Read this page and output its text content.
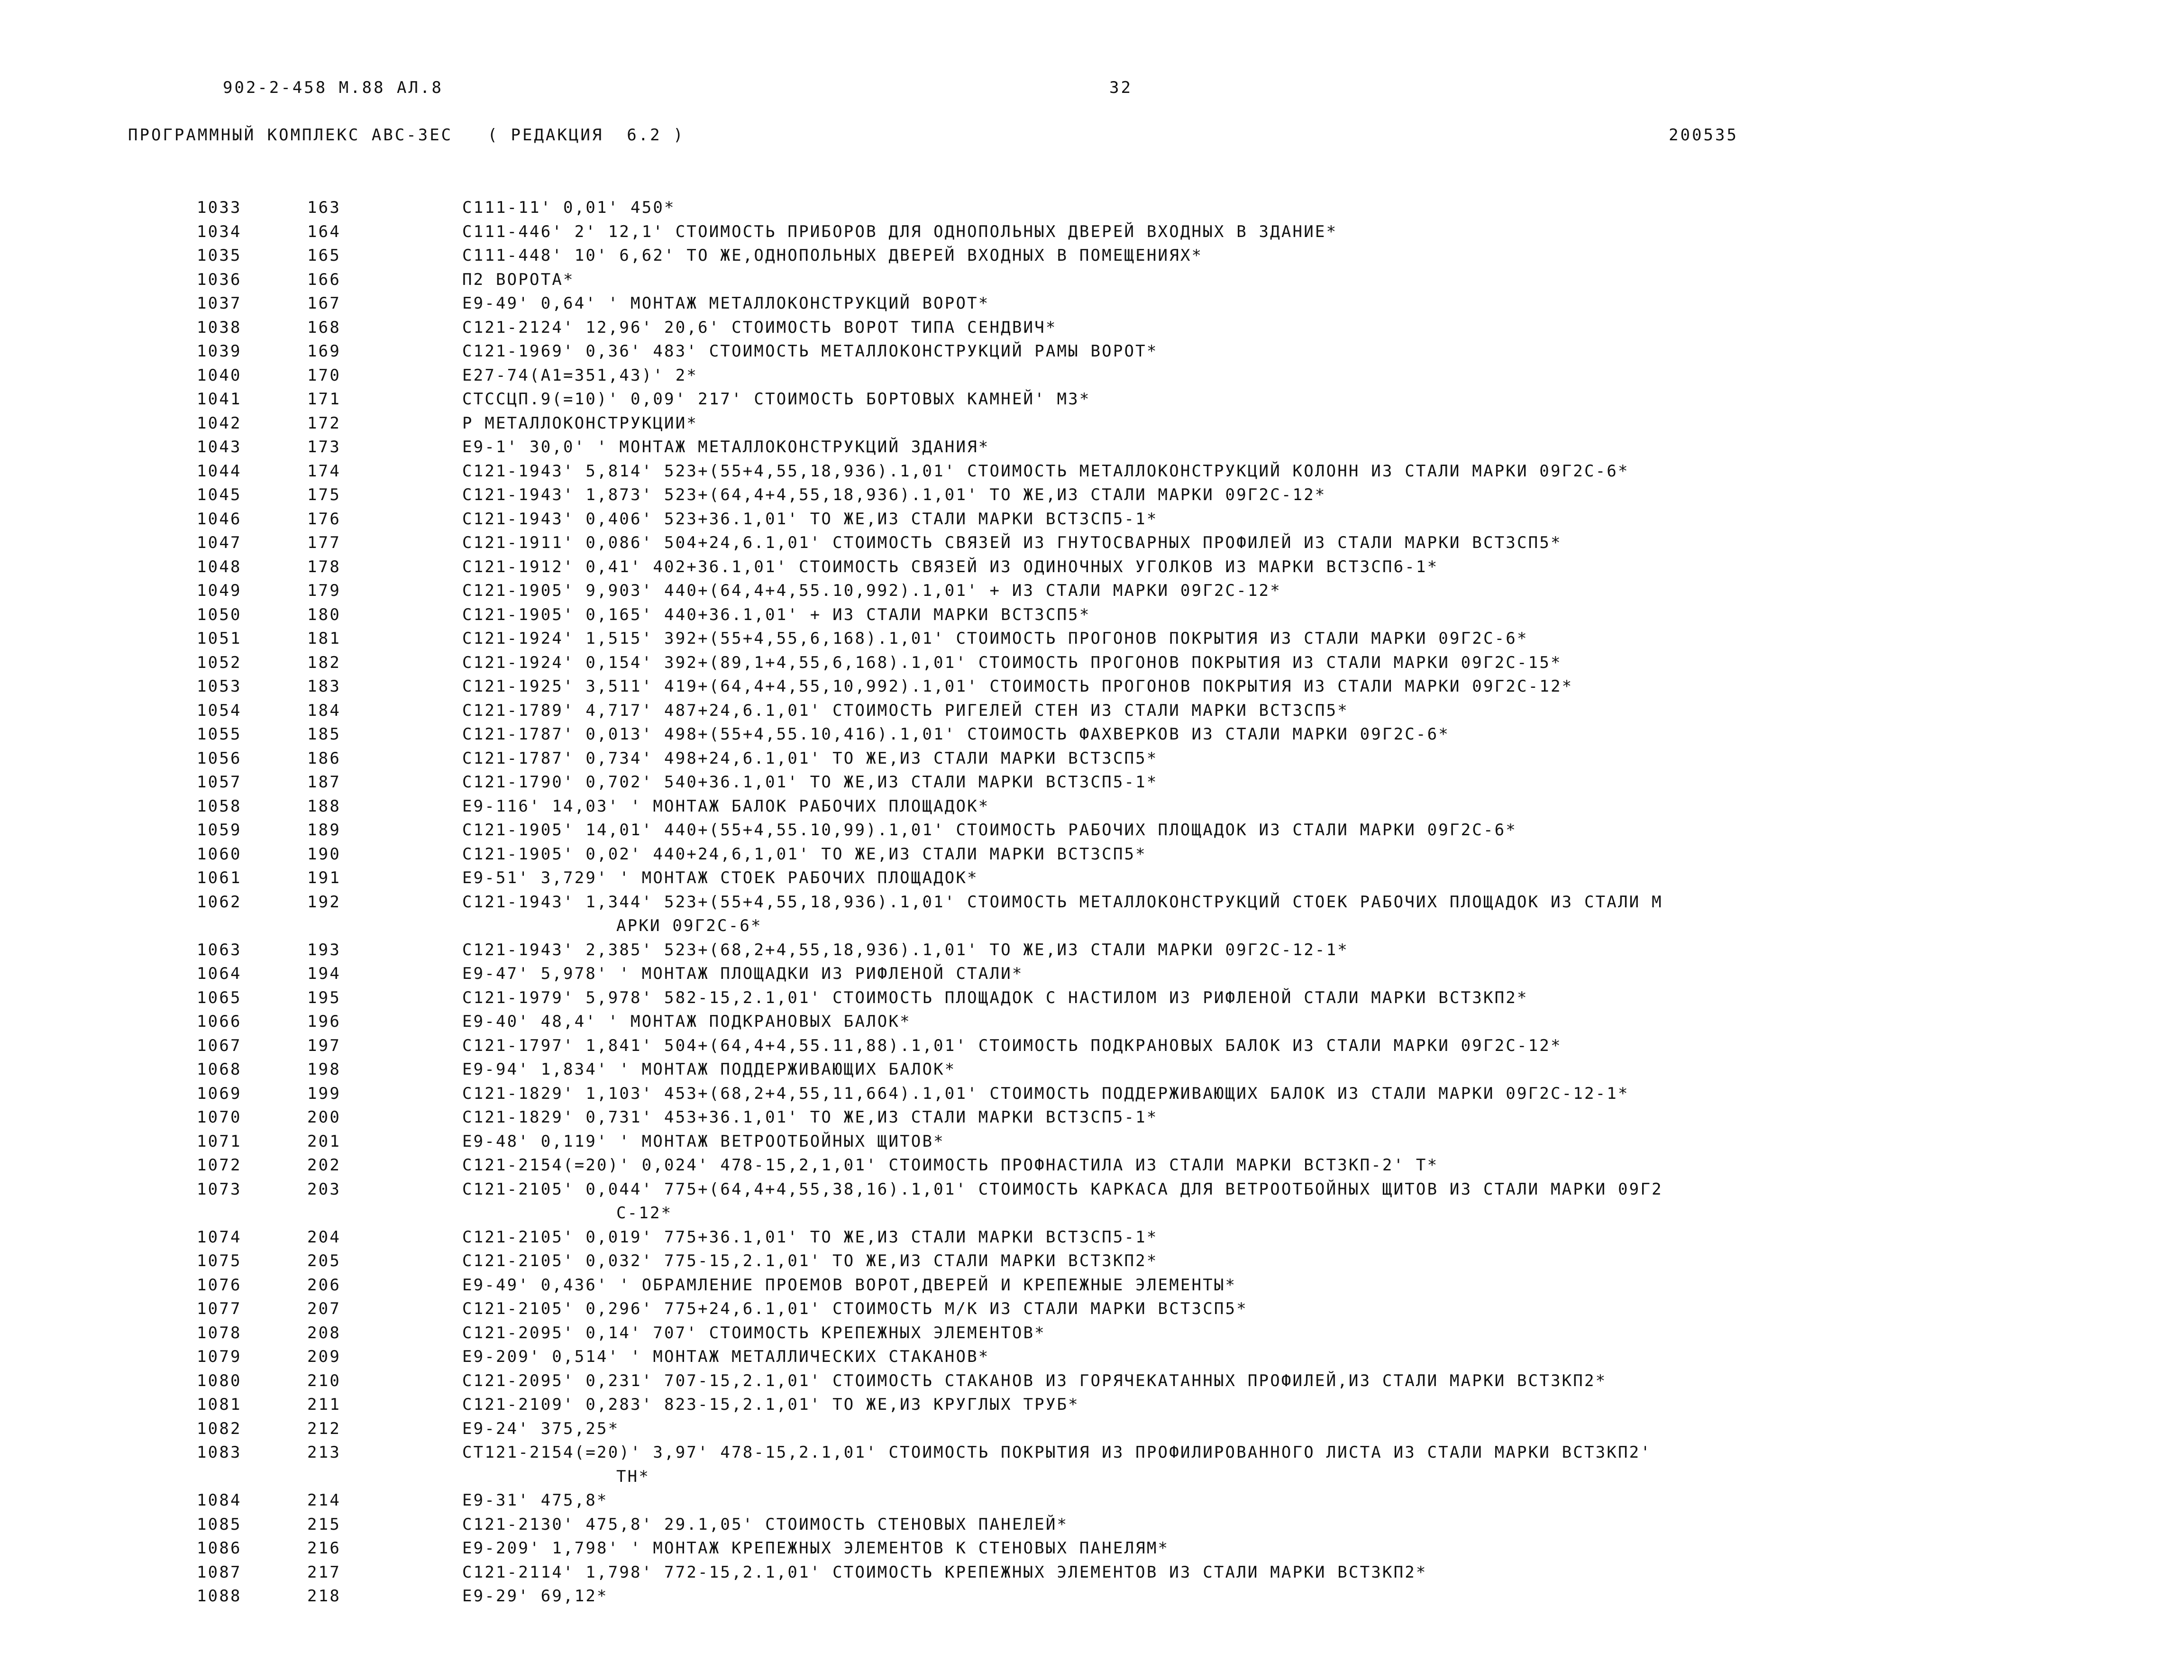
902-2-458 М.88 АЛ.8	32
ПРОГРАММНЫЙ КОМПЛЕКС АВС-3ЕС   ( РЕДАКЦИЯ  6.2 )	200535
1033	163	С111-11' 0,01' 450*
1034	164	С111-446' 2' 12,1' СТОИМОСТЬ ПРИБОРОВ ДЛЯ ОДНОПОЛЬНЫХ ДВЕРЕЙ ВХОДНЫХ В ЗДАНИЕ*
1035	165	С111-448' 10' 6,62' ТО ЖЕ,ОДНОПОЛЬНЫХ ДВЕРЕЙ ВХОДНЫХ В ПОМЕЩЕНИЯХ*
1036	166	П2 ВОРОТА*
1037	167	Е9-49' 0,64' ' МОНТАЖ МЕТАЛЛОКОНСТРУКЦИЙ ВОРОТ*
1038	168	С121-2124' 12,96' 20,6' СТОИМОСТЬ ВОРОТ ТИПА СЕНДВИЧ*
1039	169	С121-1969' 0,36' 483' СТОИМОСТЬ МЕТАЛЛОКОНСТРУКЦИЙ РАМЫ ВОРОТ*
1040	170	Е27-74(А1=351,43)' 2*
1041	171	СТССЦП.9(=10)' 0,09' 217' СТОИМОСТЬ БОРТОВЫХ КАМНЕЙ' М3*
1042	172	Р МЕТАЛЛОКОНСТРУКЦИИ*
1043	173	Е9-1' 30,0' ' МОНТАЖ МЕТАЛЛОКОНСТРУКЦИЙ ЗДАНИЯ*
1044	174	С121-1943' 5,814' 523+(55+4,55,18,936).1,01' СТОИМОСТЬ МЕТАЛЛОКОНСТРУКЦИЙ КОЛОНН ИЗ СТАЛИ МАРКИ 09Г2С-6*
1045	175	С121-1943' 1,873' 523+(64,4+4,55,18,936).1,01' ТО ЖЕ,ИЗ СТАЛИ МАРКИ 09Г2С-12*
1046	176	С121-1943' 0,406' 523+36.1,01' ТО ЖЕ,ИЗ СТАЛИ МАРКИ ВСТ3СП5-1*
1047	177	С121-1911' 0,086' 504+24,6.1,01' СТОИМОСТЬ СВЯЗЕЙ ИЗ ГНУТОСВАРНЫХ ПРОФИЛЕЙ ИЗ СТАЛИ МАРКИ ВСТ3СП5*
1048	178	С121-1912' 0,41' 402+36.1,01' СТОИМОСТЬ СВЯЗЕЙ ИЗ ОДИНОЧНЫХ УГОЛКОВ ИЗ МАРКИ ВСТ3СП6-1*
1049	179	С121-1905' 9,903' 440+(64,4+4,55.10,992).1,01' + ИЗ СТАЛИ МАРКИ 09Г2С-12*
1050	180	С121-1905' 0,165' 440+36.1,01' + ИЗ СТАЛИ МАРКИ ВСТ3СП5*
1051	181	С121-1924' 1,515' 392+(55+4,55,6,168).1,01' СТОИМОСТЬ ПРОГОНОВ ПОКРЫТИЯ ИЗ СТАЛИ МАРКИ 09Г2С-6*
1052	182	С121-1924' 0,154' 392+(89,1+4,55,6,168).1,01' СТОИМОСТЬ ПРОГОНОВ ПОКРЫТИЯ ИЗ СТАЛИ МАРКИ 09Г2С-15*
1053	183	С121-1925' 3,511' 419+(64,4+4,55,10,992).1,01' СТОИМОСТЬ ПРОГОНОВ ПОКРЫТИЯ ИЗ СТАЛИ МАРКИ 09Г2С-12*
1054	184	С121-1789' 4,717' 487+24,6.1,01' СТОИМОСТЬ РИГЕЛЕЙ СТЕН ИЗ СТАЛИ МАРКИ ВСТ3СП5*
1055	185	С121-1787' 0,013' 498+(55+4,55.10,416).1,01' СТОИМОСТЬ ФАХВЕРКОВ ИЗ СТАЛИ МАРКИ 09Г2С-6*
1056	186	С121-1787' 0,734' 498+24,6.1,01' ТО ЖЕ,ИЗ СТАЛИ МАРКИ ВСТ3СП5*
1057	187	С121-1790' 0,702' 540+36.1,01' ТО ЖЕ,ИЗ СТАЛИ МАРКИ ВСТ3СП5-1*
1058	188	Е9-116' 14,03' ' МОНТАЖ БАЛОК РАБОЧИХ ПЛОЩАДОК*
1059	189	С121-1905' 14,01' 440+(55+4,55.10,99).1,01' СТОИМОСТЬ РАБОЧИХ ПЛОЩАДОК ИЗ СТАЛИ МАРКИ 09Г2С-6*
1060	190	С121-1905' 0,02' 440+24,6,1,01' ТО ЖЕ,ИЗ СТАЛИ МАРКИ ВСТ3СП5*
1061	191	Е9-51' 3,729' ' МОНТАЖ СТОЕК РАБОЧИХ ПЛОЩАДОК*
1062	192	С121-1943' 1,344' 523+(55+4,55,18,936).1,01' СТОИМОСТЬ МЕТАЛЛОКОНСТРУКЦИЙ СТОЕК РАБОЧИХ ПЛОЩАДОК ИЗ СТАЛИ М
АРКИ 09Г2С-6*
1063	193	С121-1943' 2,385' 523+(68,2+4,55,18,936).1,01' ТО ЖЕ,ИЗ СТАЛИ МАРКИ 09Г2С-12-1*
1064	194	Е9-47' 5,978' ' МОНТАЖ ПЛОЩАДКИ ИЗ РИФЛЕНОЙ СТАЛИ*
1065	195	С121-1979' 5,978' 582-15,2.1,01' СТОИМОСТЬ ПЛОЩАДОК С НАСТИЛОМ ИЗ РИФЛЕНОЙ СТАЛИ МАРКИ ВСТ3КП2*
1066	196	Е9-40' 48,4' ' МОНТАЖ ПОДКРАНОВЫХ БАЛОК*
1067	197	С121-1797' 1,841' 504+(64,4+4,55.11,88).1,01' СТОИМОСТЬ ПОДКРАНОВЫХ БАЛОК ИЗ СТАЛИ МАРКИ 09Г2С-12*
1068	198	Е9-94' 1,834' ' МОНТАЖ ПОДДЕРЖИВАЮЩИХ БАЛОК*
1069	199	С121-1829' 1,103' 453+(68,2+4,55,11,664).1,01' СТОИМОСТЬ ПОДДЕРЖИВАЮЩИХ БАЛОК ИЗ СТАЛИ МАРКИ 09Г2С-12-1*
1070	200	С121-1829' 0,731' 453+36.1,01' ТО ЖЕ,ИЗ СТАЛИ МАРКИ ВСТ3СП5-1*
1071	201	Е9-48' 0,119' ' МОНТАЖ ВЕТРООТБОЙНЫХ ЩИТОВ*
1072	202	С121-2154(=20)' 0,024' 478-15,2,1,01' СТОИМОСТЬ ПРОФНАСТИЛА ИЗ СТАЛИ МАРКИ ВСТ3КП-2' Т*
1073	203	С121-2105' 0,044' 775+(64,4+4,55,38,16).1,01' СТОИМОСТЬ КАРКАСА ДЛЯ ВЕТРООТБОЙНЫХ ЩИТОВ ИЗ СТАЛИ МАРКИ 09Г2
С-12*
1074	204	С121-2105' 0,019' 775+36.1,01' ТО ЖЕ,ИЗ СТАЛИ МАРКИ ВСТ3СП5-1*
1075	205	С121-2105' 0,032' 775-15,2.1,01' ТО ЖЕ,ИЗ СТАЛИ МАРКИ ВСТ3КП2*
1076	206	Е9-49' 0,436' ' ОБРАМЛЕНИЕ ПРОЕМОВ ВОРОТ,ДВЕРЕЙ И КРЕПЕЖНЫЕ ЭЛЕМЕНТЫ*
1077	207	С121-2105' 0,296' 775+24,6.1,01' СТОИМОСТЬ М/К ИЗ СТАЛИ МАРКИ ВСТ3СП5*
1078	208	С121-2095' 0,14' 707' СТОИМОСТЬ КРЕПЕЖНЫХ ЭЛЕМЕНТОВ*
1079	209	Е9-209' 0,514' ' МОНТАЖ МЕТАЛЛИЧЕСКИХ СТАКАНОВ*
1080	210	С121-2095' 0,231' 707-15,2.1,01' СТОИМОСТЬ СТАКАНОВ ИЗ ГОРЯЧЕКАТАННЫХ ПРОФИЛЕЙ,ИЗ СТАЛИ МАРКИ ВСТ3КП2*
1081	211	С121-2109' 0,283' 823-15,2.1,01' ТО ЖЕ,ИЗ КРУГЛЫХ ТРУБ*
1082	212	Е9-24' 375,25*
1083	213	СТ121-2154(=20)' 3,97' 478-15,2.1,01' СТОИМОСТЬ ПОКРЫТИЯ ИЗ ПРОФИЛИРОВАННОГО ЛИСТА ИЗ СТАЛИ МАРКИ ВСТ3КП2'
ТН*
1084	214	Е9-31' 475,8*
1085	215	С121-2130' 475,8' 29.1,05' СТОИМОСТЬ СТЕНОВЫХ ПАНЕЛЕЙ*
1086	216	Е9-209' 1,798' ' МОНТАЖ КРЕПЕЖНЫХ ЭЛЕМЕНТОВ К СТЕНОВЫХ ПАНЕЛЯМ*
1087	217	С121-2114' 1,798' 772-15,2.1,01' СТОИМОСТЬ КРЕПЕЖНЫХ ЭЛЕМЕНТОВ ИЗ СТАЛИ МАРКИ ВСТ3КП2*
1088	218	Е9-29' 69,12*
